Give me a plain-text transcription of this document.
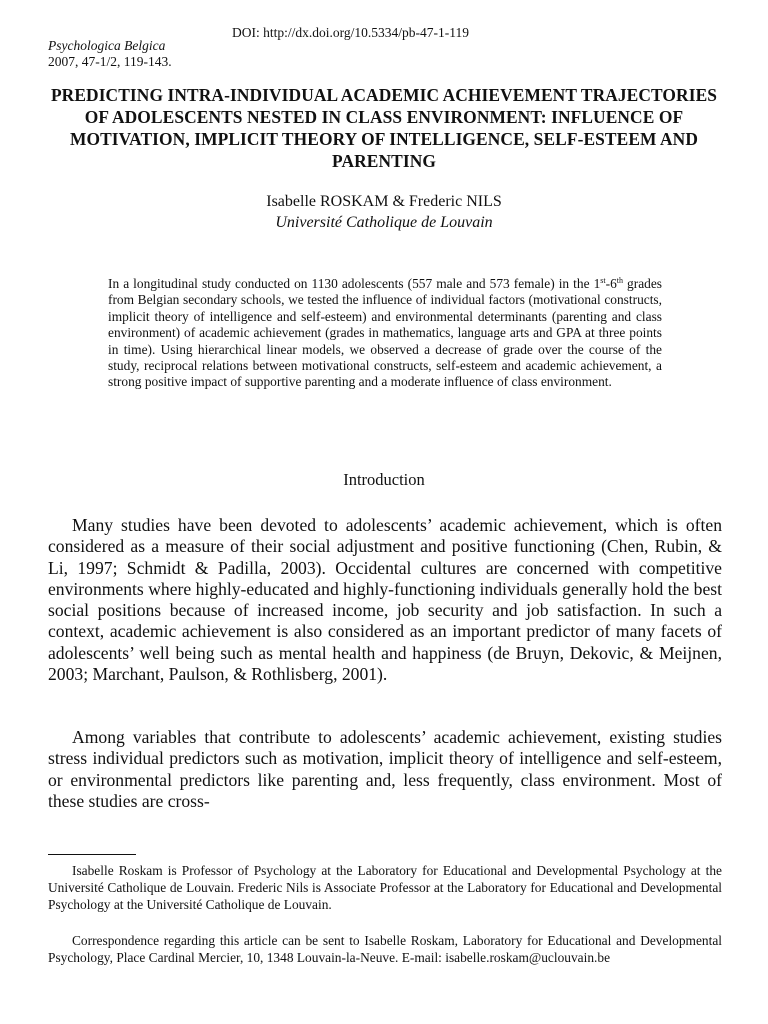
DOI: http://dx.doi.org/10.5334/pb-47-1-119
Psychologica Belgica
2007, 47-1/2, 119-143.
PREDICTING INTRA-INDIVIDUAL ACADEMIC ACHIEVEMENT TRAJECTORIES OF ADOLESCENTS NESTED IN CLASS ENVIRONMENT: INFLUENCE OF MOTIVATION, IMPLICIT THEORY OF INTELLIGENCE, SELF-ESTEEM AND PARENTING
Isabelle ROSKAM & Frederic NILS
Université Catholique de Louvain

In a longitudinal study conducted on 1130 adolescents (557 male and 573 female) in the 1st-6th grades from Belgian secondary schools, we tested the influence of individual factors (motivational constructs, implicit theory of intelligence and self-esteem) and environmental determinants (parenting and class environment) of academic achievement (grades in mathematics, language arts and GPA at three points in time). Using hierarchical linear models, we observed a decrease of grade over the course of the study, reciprocal relations between motivational constructs, self-esteem and academic achievement, a strong positive impact of supportive parenting and a moderate influence of class environment.

Introduction

Many studies have been devoted to adolescents’ academic achievement, which is often considered as a measure of their social adjustment and positive functioning (Chen, Rubin, & Li, 1997; Schmidt & Padilla, 2003). Occidental cultures are concerned with competitive environments where highly-educated and highly-functioning individuals generally hold the best social positions because of increased income, job security and job satisfaction. In such a context, academic achievement is also considered as an important predictor of many facets of adolescents’ well being such as mental health and happiness (de Bruyn, Dekovic, & Meijnen, 2003; Marchant, Paulson, & Rothlisberg, 2001).

Among variables that contribute to adolescents’ academic achievement, existing studies stress individual predictors such as motivation, implicit theory of intelligence and self-esteem, or environmental predictors like parenting and, less frequently, class environment. Most of these studies are cross-

Isabelle Roskam is Professor of Psychology at the Laboratory for Educational and Developmental Psychology at the Université Catholique de Louvain. Frederic Nils is Associate Professor at the Laboratory for Educational and Developmental Psychology at the Université Catholique de Louvain.

Correspondence regarding this article can be sent to Isabelle Roskam, Laboratory for Educational and Developmental Psychology, Place Cardinal Mercier, 10, 1348 Louvain-la-Neuve. E-mail: isabelle.roskam@uclouvain.be
